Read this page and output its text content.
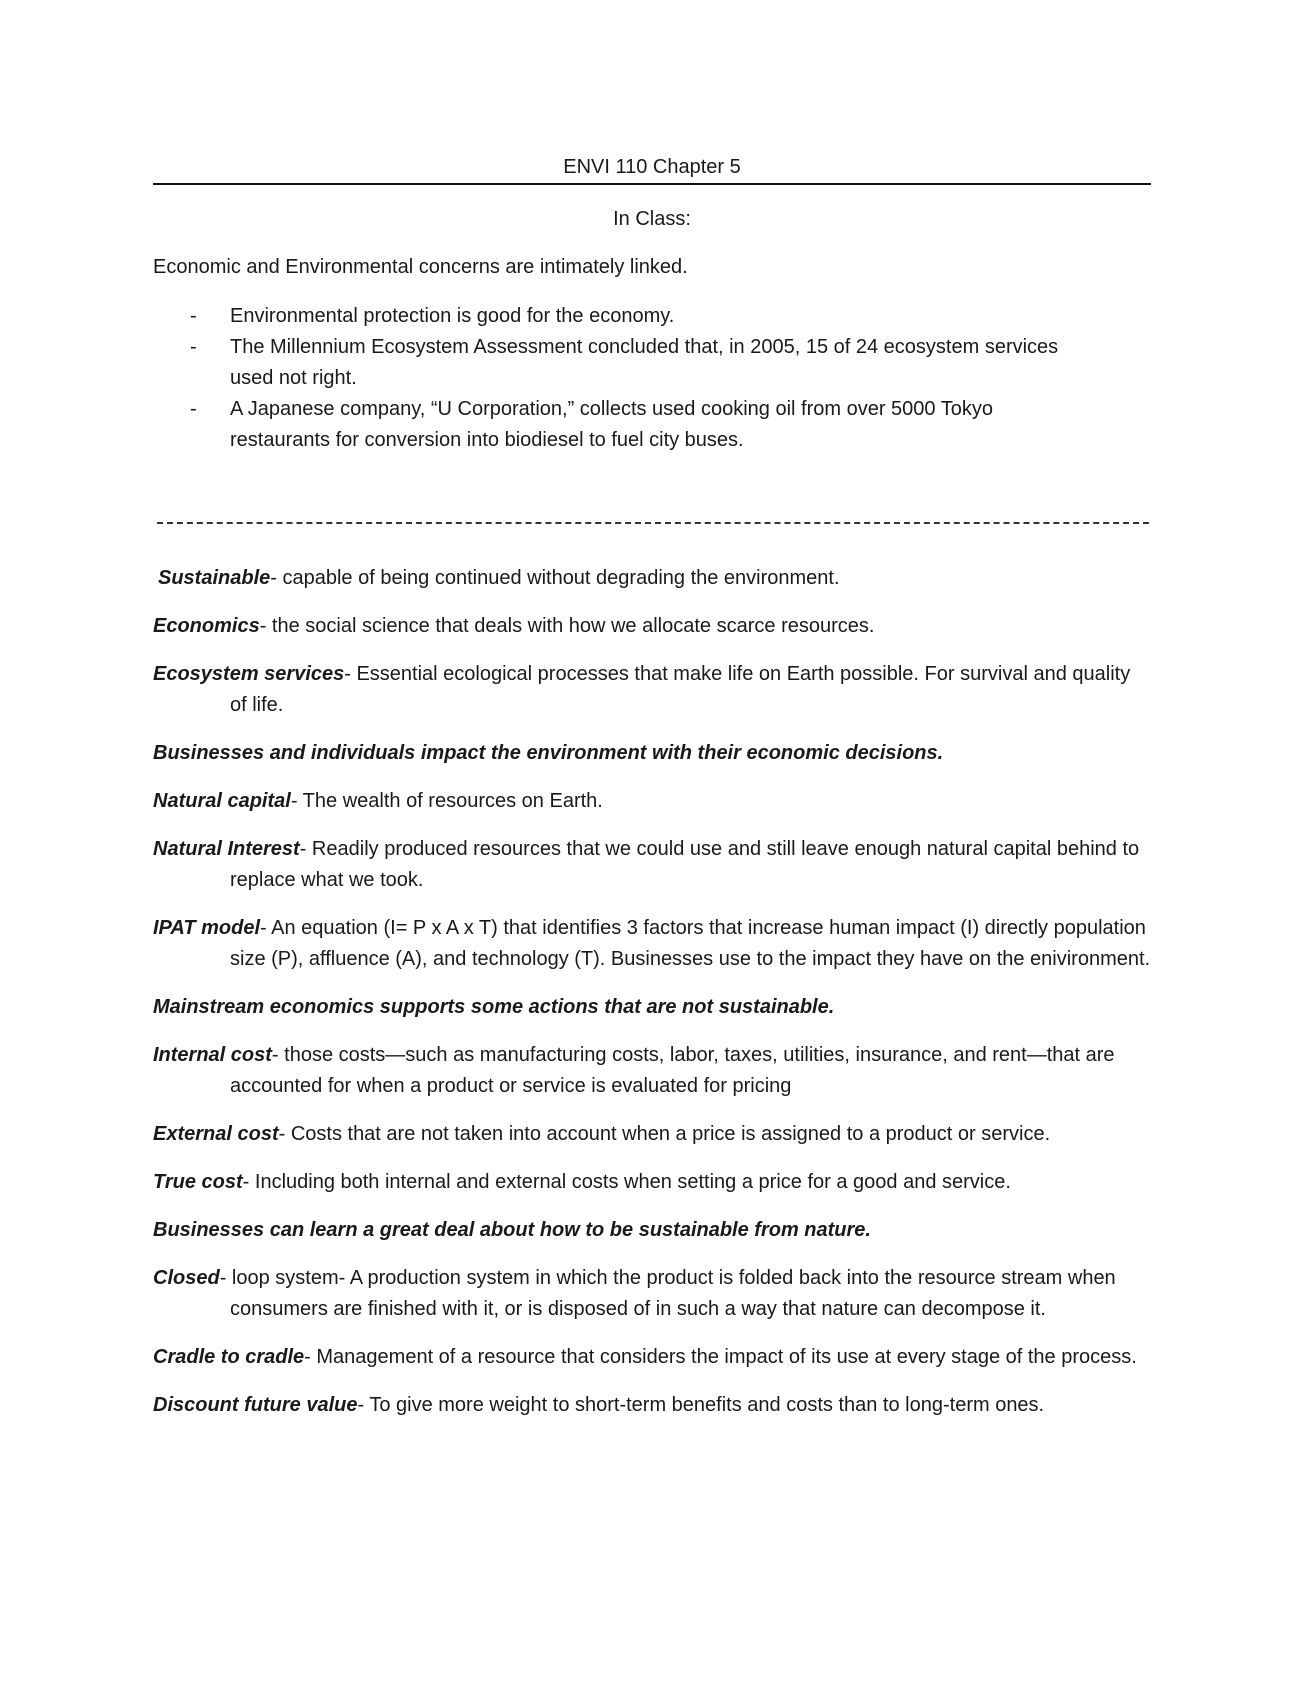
ENVI 110 Chapter 5
In Class:
Economic and Environmental concerns are intimately linked.
- Environmental protection is good for the economy.
- The Millennium Ecosystem Assessment concluded that, in 2005, 15 of 24 ecosystem services used not right.
- A Japanese company, “U Corporation,” collects used cooking oil from over 5000 Tokyo restaurants for conversion into biodiesel to fuel city buses.

Sustainable- capable of being continued without degrading the environment.

Economics- the social science that deals with how we allocate scarce resources.

Ecosystem services- Essential ecological processes that make life on Earth possible. For survival and quality of life.

Businesses and individuals impact the environment with their economic decisions.

Natural capital- The wealth of resources on Earth.

Natural Interest- Readily produced resources that we could use and still leave enough natural capital behind to replace what we took.

IPAT model- An equation (I= P x A x T) that identifies 3 factors that increase human impact (I) directly population size (P), affluence (A), and technology (T). Businesses use to the impact they have on the enivironment.

Mainstream economics supports some actions that are not sustainable.

Internal cost- those costs—such as manufacturing costs, labor, taxes, utilities, insurance, and rent—that are accounted for when a product or service is evaluated for pricing

External cost- Costs that are not taken into account when a price is assigned to a product or service.

True cost- Including both internal and external costs when setting a price for a good and service.

Businesses can learn a great deal about how to be sustainable from nature.

Closed- loop system- A production system in which the product is folded back into the resource stream when consumers are finished with it, or is disposed of in such a way that nature can decompose it.

Cradle to cradle- Management of a resource that considers the impact of its use at every stage of the process.

Discount future value- To give more weight to short-term benefits and costs than to long-term ones.
